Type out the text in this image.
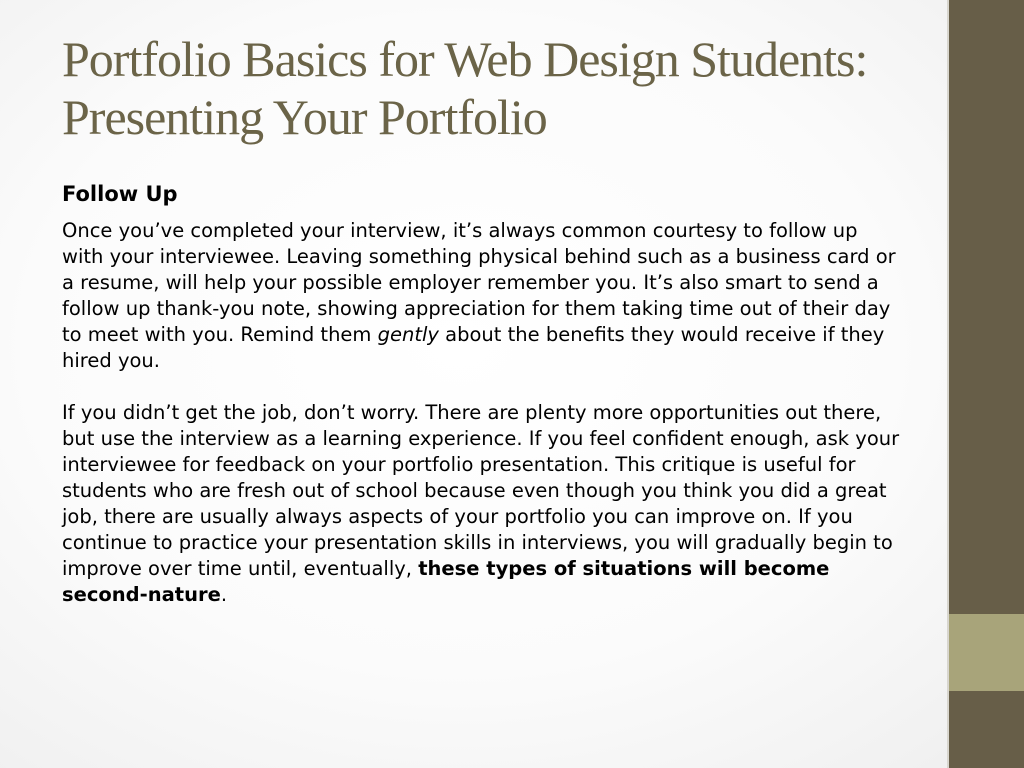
Portfolio Basics for Web Design Students: Presenting Your Portfolio
Follow Up

Once you’ve completed your interview, it’s always common courtesy to follow up with your interviewee. Leaving something physical behind such as a business card or a resume, will help your possible employer remember you. It’s also smart to send a follow up thank-you note, showing appreciation for them taking time out of their day to meet with you. Remind them gently about the benefits they would receive if they hired you.

If you didn’t get the job, don’t worry. There are plenty more opportunities out there, but use the interview as a learning experience. If you feel confident enough, ask your interviewee for feedback on your portfolio presentation. This critique is useful for students who are fresh out of school because even though you think you did a great job, there are usually always aspects of your portfolio you can improve on. If you continue to practice your presentation skills in interviews, you will gradually begin to improve over time until, eventually, these types of situations will become second-nature.
